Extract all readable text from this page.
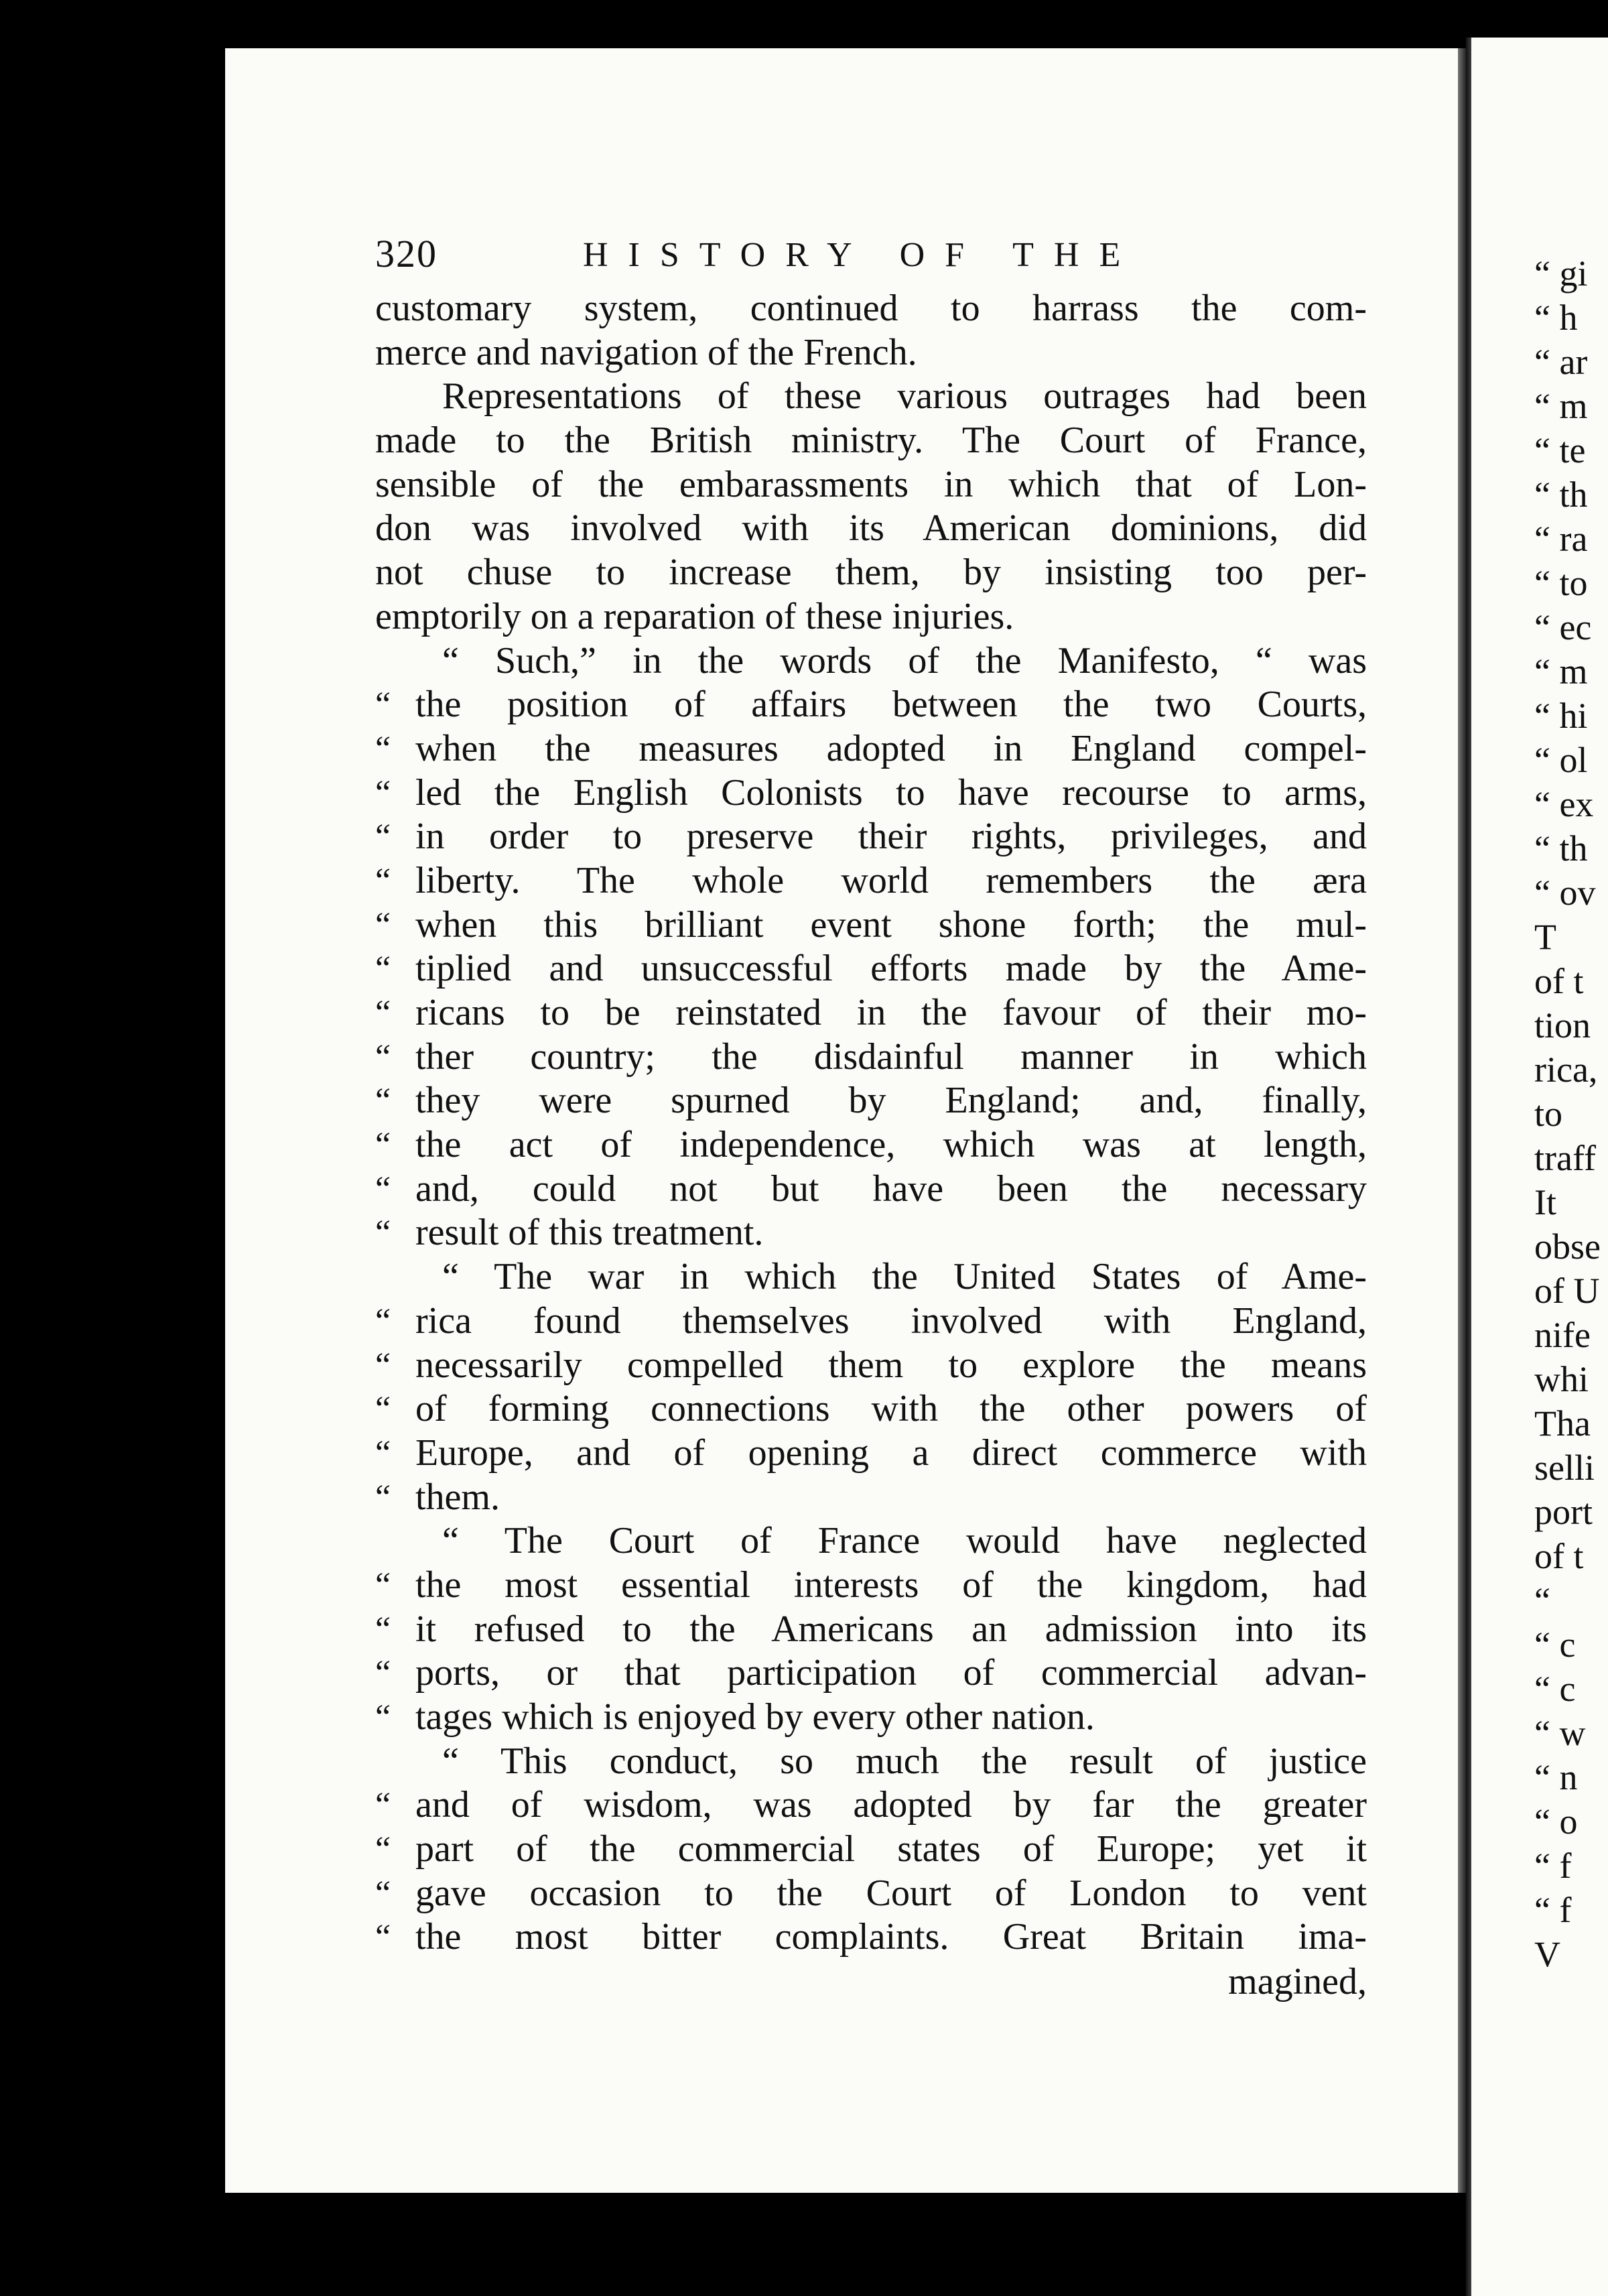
320	HISTORY OF THE
customary system, continued to harrass the com-
merce and navigation of the French.
Representations of these various outrages had been
made to the British ministry. The Court of France,
sensible of the embarassments in which that of Lon-
don was involved with its American dominions, did
not chuse to increase them, by insisting too per-
emptorily on a reparation of these injuries.
“ Such,” in the words of the Manifesto, “ was
“ the position of affairs between the two Courts,
“ when the measures adopted in England compel-
“ led the English Colonists to have recourse to arms,
“ in order to preserve their rights, privileges, and
“ liberty. The whole world remembers the æra
“ when this brilliant event shone forth; the mul-
“ tiplied and unsuccessful efforts made by the Ame-
“ ricans to be reinstated in the favour of their mo-
“ ther country; the disdainful manner in which
“ they were spurned by England; and, finally,
“ the act of independence, which was at length,
“ and, could not but have been the necessary
“ result of this treatment.
“ The war in which the United States of Ame-
“ rica found themselves involved with England,
“ necessarily compelled them to explore the means
“ of forming connections with the other powers of
“ Europe, and of opening a direct commerce with
“ them.
“ The Court of France would have neglected
“ the most essential interests of the kingdom, had
“ it refused to the Americans an admission into its
“ ports, or that participation of commercial advan-
“ tages which is enjoyed by every other nation.
“ This conduct, so much the result of justice
“ and of wisdom, was adopted by far the greater
“ part of the commercial states of Europe; yet it
“ gave occasion to the Court of London to vent
“ the most bitter complaints. Great Britain ima-
magined,
“ gi
“ h
“ ar
“ m
“ te
“ th
“ ra
“ to
“ ec
“ m
“ hi
“ ol
“ ex
“ th
“ ov
T
of t
tion
rica,
to
traff
It
obse
of U
nife
whi
Tha
selli
port
of t
“
“ c
“ c
“ w
“ n
“ o
“ f
“ f
V
